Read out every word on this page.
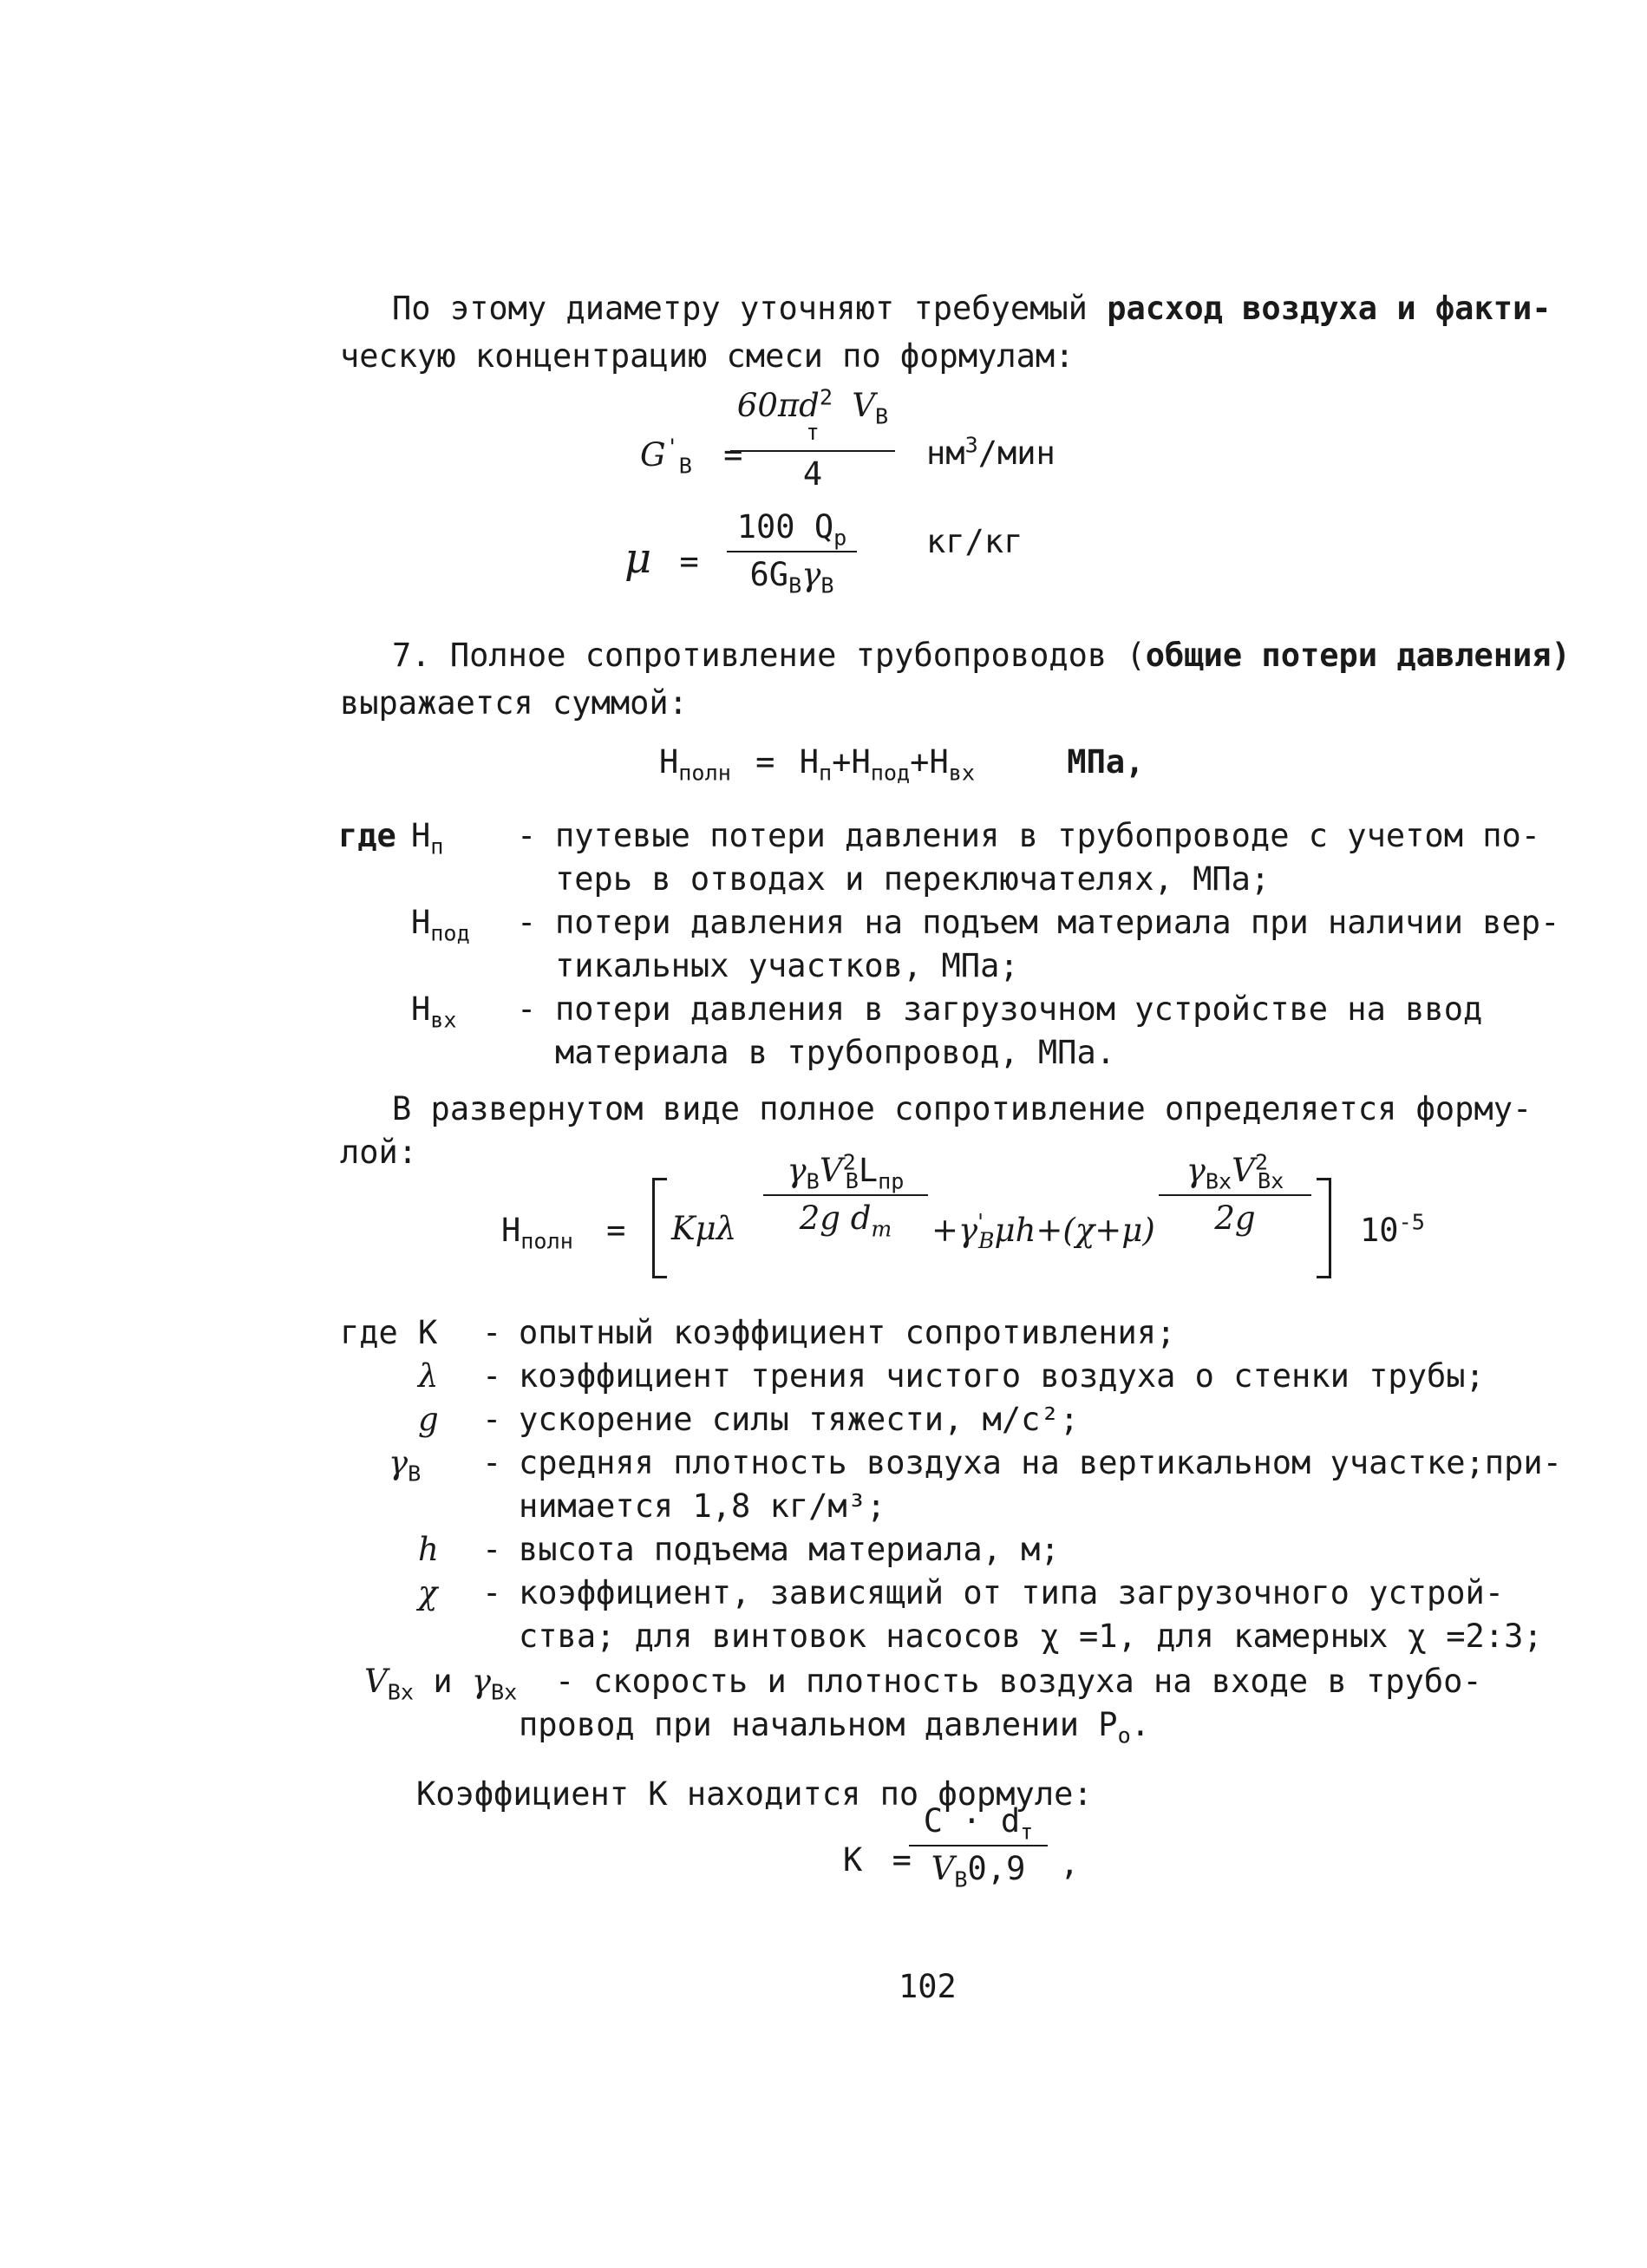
По этому диаметру уточняют требуемый расход воздуха и факти-
ческую концентрацию смеси по формулам:
$G'_В$ =
$60\pi d^2$ $V_В$
т
4
$нм^3$/мин
μ =
100 $Q_р$
$6G_В\gamma_В$
кг/кг
7. Полное сопротивление трубопроводов (общие потери давления)
выражается суммой:
$H_{полн} = H_п+H_{под}+H_{вх}$	МПа,
где $H_п$ - путевые потери давления в трубопроводе с учетом по-
терь в отводах и переключателях, МПа;
$H_{под}$ - потери давления на подъем материала при наличии вер-
тикальных участков, МПа;
$H_{вх}$ - потери давления в загрузочном устройстве на ввод
материала в трубопровод, МПа.
В развернутом виде полное сопротивление определяется форму-
лой:
$H_{полн} = K\mu\lambda$
$\gamma_ВV^2_ВL_{пр}$
2g $d_т +\gamma'_В\mu h+(\chi+\mu)$
$\gamma_{Вх}V^2_{Вх}$
2g	$10^{-5}$
где K - опытный коэффициент сопротивления;
λ - коэффициент трения чистого воздуха о стенки трубы;
g - ускорение силы тяжести, м/с²;
$\gamma_В$ - средняя плотность воздуха на вертикальном участке;при-
нимается 1,8 кг/м³;
h - высота подъема материала, м;
χ - коэффициент, зависящий от типа загрузочного устрой-
ства; для винтовок насосов χ =1, для камерных χ =2:3;
$V_{Вх}$ и $\gamma_{Вх}$ - скорость и плотность воздуха на входе в трубо-
провод при начальном давлении $P_o$.
Коэффициент К находится по формуле:
K =
$C \cdot d_т$
$V_В0,9$ ,
102
